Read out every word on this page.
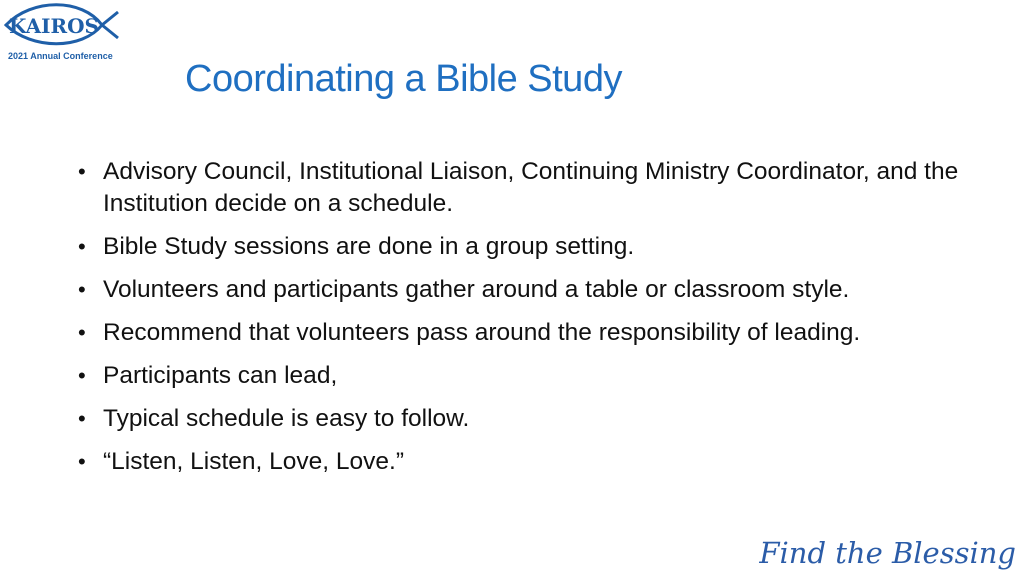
KAIROS
2021 Annual Conference
Coordinating a Bible Study
• Advisory Council, Institutional Liaison, Continuing Ministry Coordinator, and the Institution decide on a schedule.
• Bible Study sessions are done in a group setting.
• Volunteers and participants gather around a table or classroom style.
• Recommend that volunteers pass around the responsibility of leading.
• Participants can lead,
• Typical schedule is easy to follow.
• “Listen, Listen, Love, Love.”
Find the Blessing
